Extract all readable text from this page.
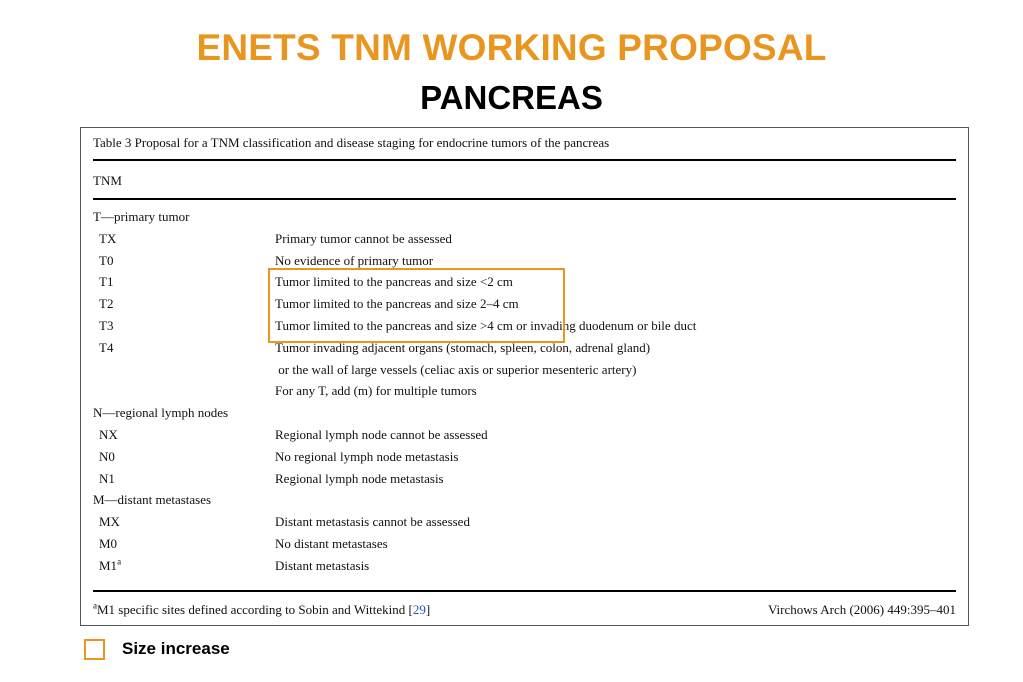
ENETS TNM WORKING PROPOSAL
PANCREAS
Table 3 Proposal for a TNM classification and disease staging for endocrine tumors of the pancreas
TNM
T—primary tumor
TX	Primary tumor cannot be assessed
T0	No evidence of primary tumor
T1	Tumor limited to the pancreas and size <2 cm
T2	Tumor limited to the pancreas and size 2–4 cm
T3	Tumor limited to the pancreas and size >4 cm or invading duodenum or bile duct
T4	Tumor invading adjacent organs (stomach, spleen, colon, adrenal gland)
or the wall of large vessels (celiac axis or superior mesenteric artery)
For any T, add (m) for multiple tumors
N—regional lymph nodes
NX	Regional lymph node cannot be assessed
N0	No regional lymph node metastasis
N1	Regional lymph node metastasis
M—distant metastases
MX	Distant metastasis cannot be assessed
M0	No distant metastases
M1$^a$	Distant metastasis
$^a$M1 specific sites defined according to Sobin and Wittekind [29]	Virchows Arch (2006) 449:395–401
Size increase
